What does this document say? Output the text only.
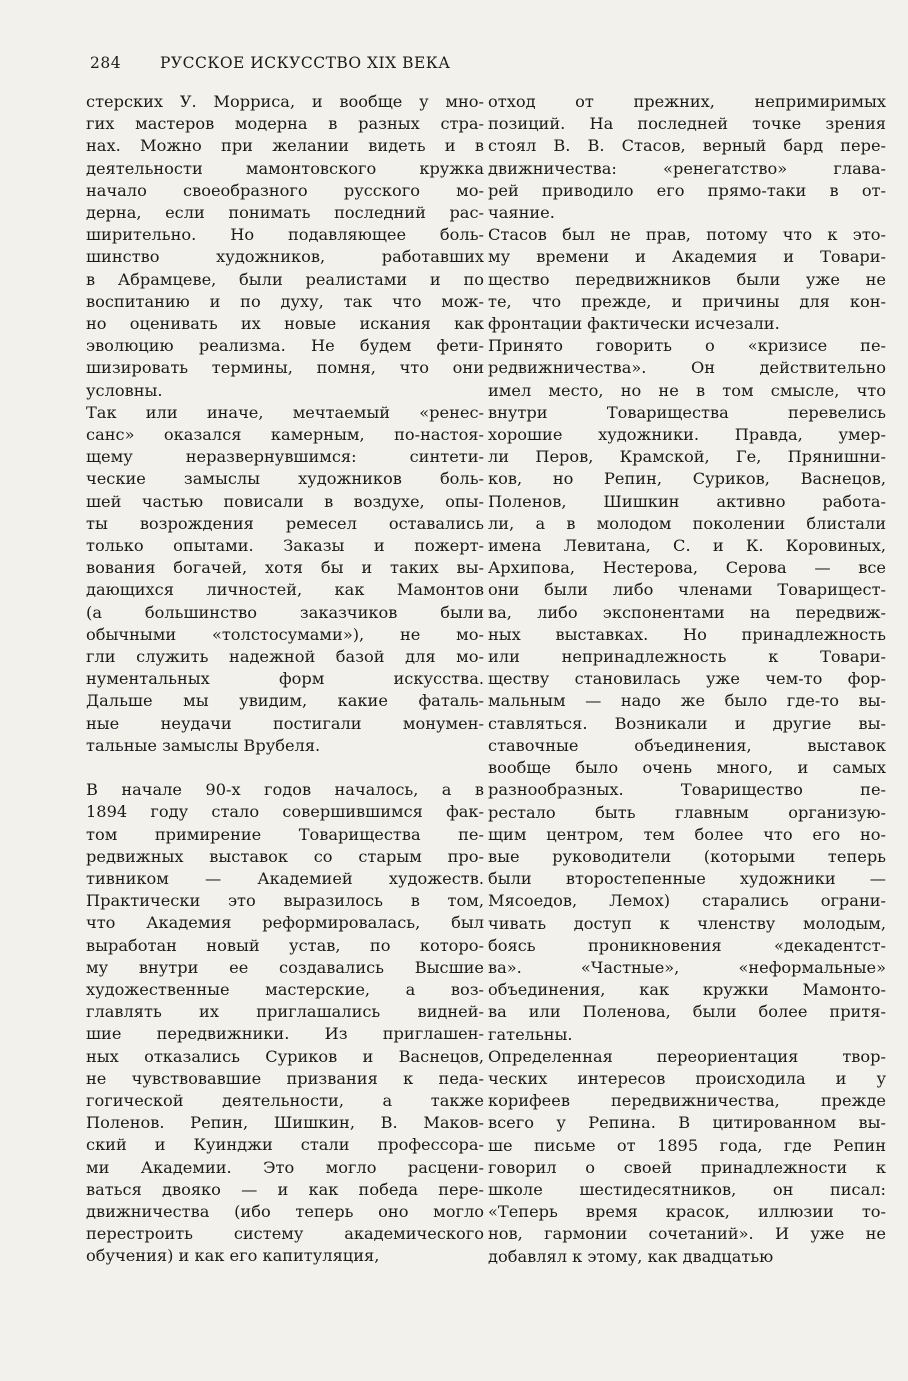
284	РУССКОЕ ИСКУССТВО XIX ВЕКА

стерских У. Морриса, и вообще у мно-
гих мастеров модерна в разных стра-
нах. Можно при желании видеть и в
деятельности мамонтовского кружка
начало своеобразного русского мо-
дерна, если понимать последний рас-
ширительно. Но подавляющее боль-
шинство художников, работавших
в Абрамцеве, были реалистами и по
воспитанию и по духу, так что мож-
но оценивать их новые искания как
эволюцию реализма. Не будем фети-
шизировать термины, помня, что они
условны.

Так или иначе, мечтаемый «ренес-
санс» оказался камерным, по-настоя-
щему неразвернувшимся: синтети-
ческие замыслы художников боль-
шей частью повисали в воздухе, опы-
ты возрождения ремесел оставались
только опытами. Заказы и пожерт-
вования богачей, хотя бы и таких вы-
дающихся личностей, как Мамонтов
(а большинство заказчиков были
обычными «толстосумами»), не мо-
гли служить надежной базой для мо-
нументальных форм искусства.
Дальше мы увидим, какие фаталь-
ные неудачи постигали монумен-
тальные замыслы Врубеля.

В начале 90-х годов началось, а в
1894 году стало совершившимся фак-
том примирение Товарищества пе-
редвижных выставок со старым про-
тивником — Академией художеств.
Практически это выразилось в том,
что Академия реформировалась, был
выработан новый устав, по которо-
му внутри ее создавались Высшие
художественные мастерские, а воз-
главлять их приглашались видней-
шие передвижники. Из приглашен-
ных отказались Суриков и Васнецов,
не чувствовавшие призвания к педа-
гогической деятельности, а также
Поленов. Репин, Шишкин, В. Маков-
ский и Куинджи стали профессора-
ми Академии. Это могло расцени-
ваться двояко — и как победа пере-
движничества (ибо теперь оно могло
перестроить систему академического
обучения) и как его капитуляция,

отход от прежних, непримиримых
позиций. На последней точке зрения
стоял В. В. Стасов, верный бард пере-
движничества: «ренегатство» глава-
рей приводило его прямо-таки в от-
чаяние.

Стасов был не прав, потому что к это-
му времени и Академия и Товари-
щество передвижников были уже не
те, что прежде, и причины для кон-
фронтации фактически исчезали.

Принято говорить о «кризисе пе-
редвижничества». Он действительно
имел место, но не в том смысле, что
внутри Товарищества перевелись
хорошие художники. Правда, умер-
ли Перов, Крамской, Ге, Прянишни-
ков, но Репин, Суриков, Васнецов,
Поленов, Шишкин активно работа-
ли, а в молодом поколении блистали
имена Левитана, С. и К. Коровиных,
Архипова, Нестерова, Серова — все
они были либо членами Товарищест-
ва, либо экспонентами на передвиж-
ных выставках. Но принадлежность
или непринадлежность к Товари-
ществу становилась уже чем-то фор-
мальным — надо же было где-то вы-
ставляться. Возникали и другие вы-
ставочные объединения, выставок
вообще было очень много, и самых
разнообразных. Товарищество пе-
рестало быть главным организую-
щим центром, тем более что его но-
вые руководители (которыми теперь
были второстепенные художники —
Мясоедов, Лемох) старались ограни-
чивать доступ к членству молодым,
боясь проникновения «декадентст-
ва». «Частные», «неформальные»
объединения, как кружки Мамонто-
ва или Поленова, были более притя-
гательны.

Определенная переориентация твор-
ческих интересов происходила и у
корифеев передвижничества, прежде
всего у Репина. В цитированном вы-
ше письме от 1895 года, где Репин
говорил о своей принадлежности к
школе шестидесятников, он писал:
«Теперь время красок, иллюзии то-
нов, гармонии сочетаний». И уже не
добавлял к этому, как двадцатью
